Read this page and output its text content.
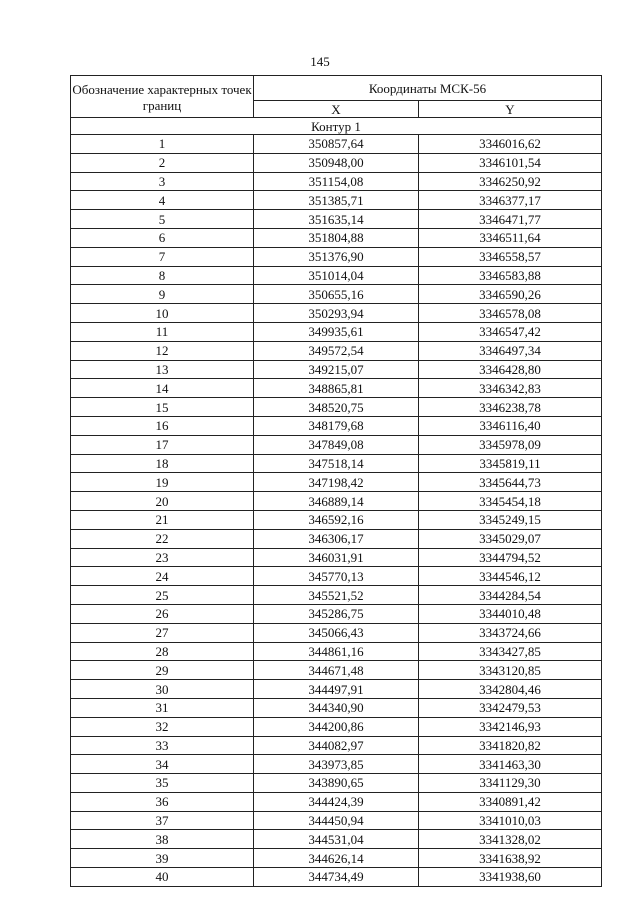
145
Обозначение характерных точек границ	Координаты МСК-56	
	X	Y
Контур 1		
1	350857,64	3346016,62
2	350948,00	3346101,54
3	351154,08	3346250,92
4	351385,71	3346377,17
5	351635,14	3346471,77
6	351804,88	3346511,64
7	351376,90	3346558,57
8	351014,04	3346583,88
9	350655,16	3346590,26
10	350293,94	3346578,08
11	349935,61	3346547,42
12	349572,54	3346497,34
13	349215,07	3346428,80
14	348865,81	3346342,83
15	348520,75	3346238,78
16	348179,68	3346116,40
17	347849,08	3345978,09
18	347518,14	3345819,11
19	347198,42	3345644,73
20	346889,14	3345454,18
21	346592,16	3345249,15
22	346306,17	3345029,07
23	346031,91	3344794,52
24	345770,13	3344546,12
25	345521,52	3344284,54
26	345286,75	3344010,48
27	345066,43	3343724,66
28	344861,16	3343427,85
29	344671,48	3343120,85
30	344497,91	3342804,46
31	344340,90	3342479,53
32	344200,86	3342146,93
33	344082,97	3341820,82
34	343973,85	3341463,30
35	343890,65	3341129,30
36	344424,39	3340891,42
37	344450,94	3341010,03
38	344531,04	3341328,02
39	344626,14	3341638,92
40	344734,49	3341938,60
